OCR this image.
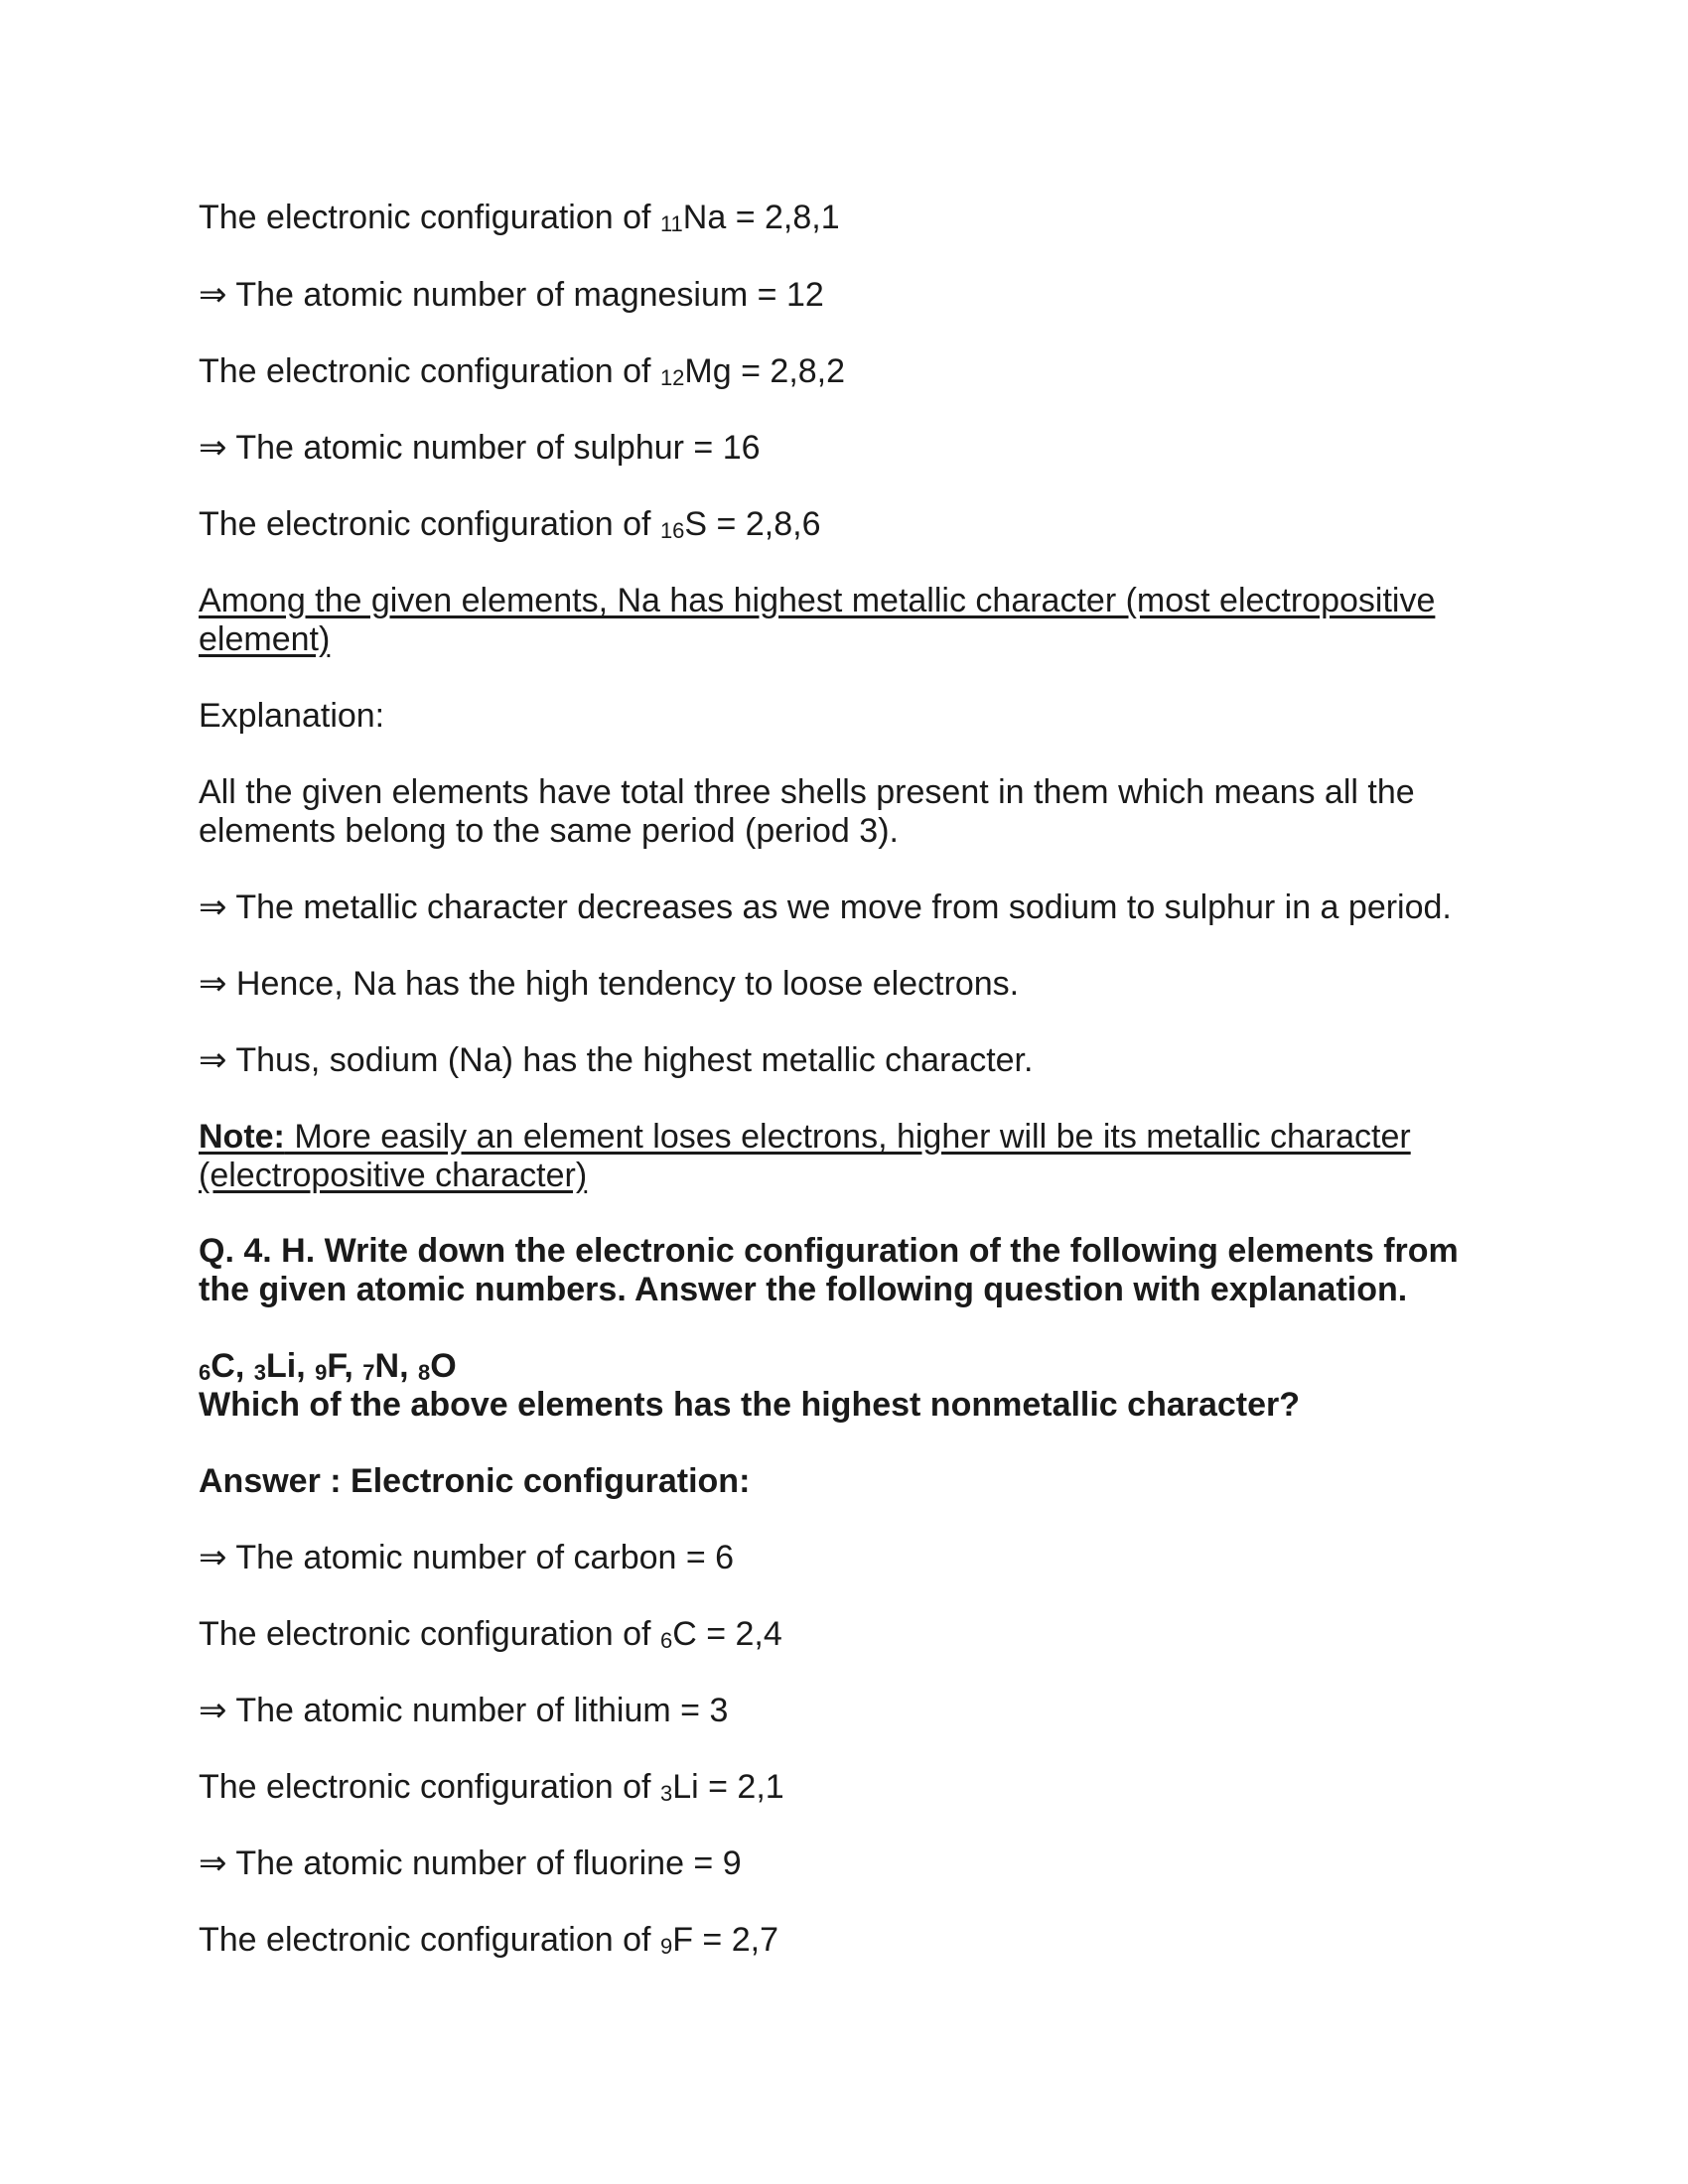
The electronic configuration of 11Na = 2,8,1
⇒ The atomic number of magnesium = 12
The electronic configuration of 12Mg = 2,8,2
⇒ The atomic number of sulphur = 16
The electronic configuration of 16S = 2,8,6
Among the given elements, Na has highest metallic character (most electropositive element)
Explanation:
All the given elements have total three shells present in them which means all the elements belong to the same period (period 3).
⇒ The metallic character decreases as we move from sodium to sulphur in a period.
⇒ Hence, Na has the high tendency to loose electrons.
⇒ Thus, sodium (Na) has the highest metallic character.
Note: More easily an element loses electrons, higher will be its metallic character (electropositive character)
Q. 4. H. Write down the electronic configuration of the following elements from the given atomic numbers. Answer the following question with explanation.
6C, 3Li, 9F, 7N, 8O
Which of the above elements has the highest nonmetallic character?
Answer : Electronic configuration:
⇒ The atomic number of carbon = 6
The electronic configuration of 6C = 2,4
⇒ The atomic number of lithium = 3
The electronic configuration of 3Li = 2,1
⇒ The atomic number of fluorine = 9
The electronic configuration of 9F = 2,7
